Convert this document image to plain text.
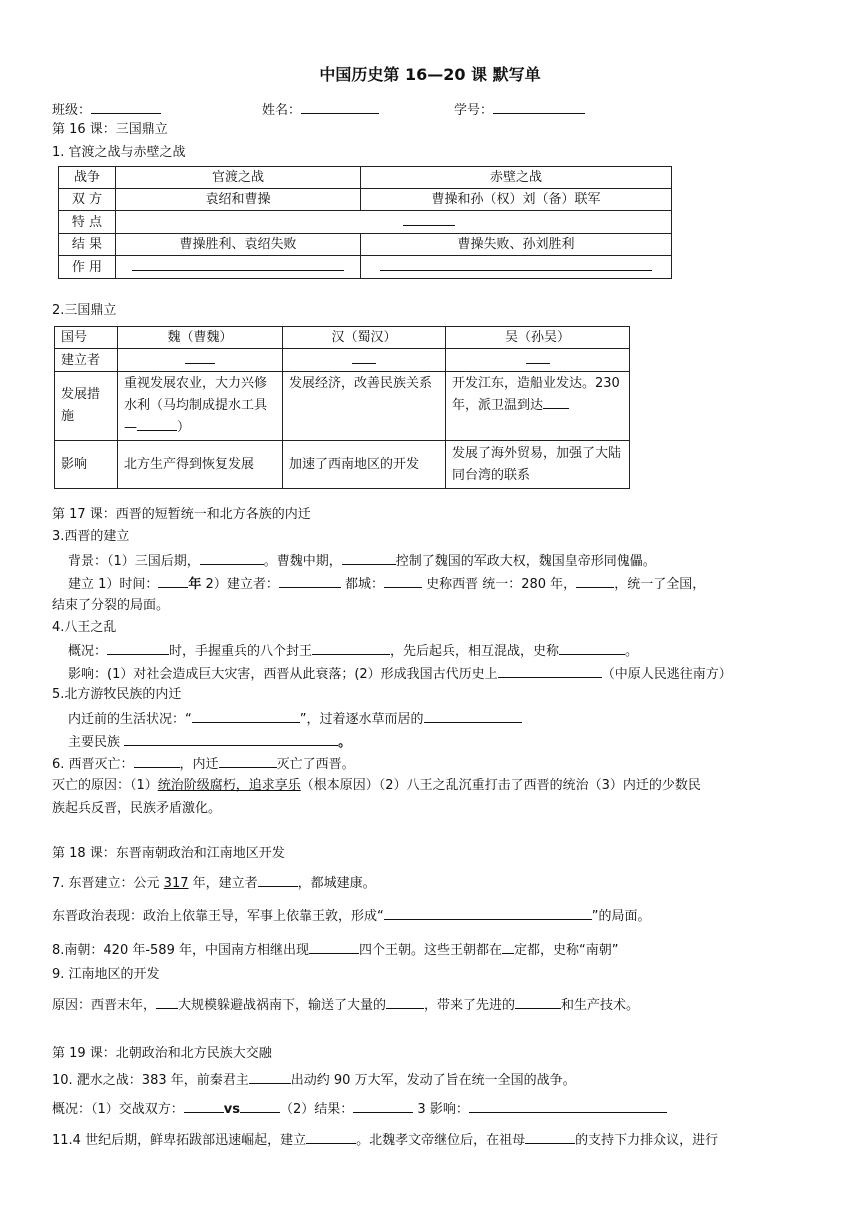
中国历史第 16—20 课 默写单
班级：	姓名：	学号：
第 16 课：三国鼎立
1. 官渡之战与赤壁之战
战争	官渡之战	赤壁之战
双 方	袁绍和曹操	曹操和孙（权）刘（备）联军
特 点		
结 果	曹操胜利、袁绍失败	曹操失败、孙刘胜利
作 用		
2.三国鼎立
国号	魏（曹魏）	汉（蜀汉）	吴（孙吴）
建立者			
发展措施	重视发展农业，大力兴修水利（马均制成提水工具— ）	发展经济，改善民族关系	开发江东，造船业发达。230 年，派卫温到达
影响	北方生产得到恢复发展	加速了西南地区的开发	发展了海外贸易，加强了大陆同台湾的联系
第 17 课：西晋的短暂统一和北方各族的内迁
3.西晋的建立
背景：（1）三国后期，	。曹魏中期，	控制了魏国的军政大权，魏国皇帝形同傀儡。
建立 1）时间： 年 2）建立者：	都城：	史称西晋 统一：280 年，	，统一了全国，
结束了分裂的局面。
4.八王之乱
概况：	时，手握重兵的八个封王	，先后起兵，相互混战，史称	。
影响：(1）对社会造成巨大灾害，西晋从此衰落；(2）形成我国古代历史上	（中原人民逃往南方）
5.北方游牧民族的内迁
内迁前的生活状况：“	”，过着逐水草而居的
主要民族	。
6. 西晋灭亡：	，内迁	灭亡了西晋。
灭亡的原因：（1）统治阶级腐朽，追求享乐（根本原因）（2）八王之乱沉重打击了西晋的统治（3）内迁的少数民
族起兵反晋，民族矛盾激化。
第 18 课：东晋南朝政治和江南地区开发
7. 东晋建立：公元 317 年，建立者	，都城建康。
东晋政治表现：政治上依靠王导，军事上依靠王敦，形成“	”的局面。
8.南朝：420 年-589 年，中国南方相继出现	四个王朝。这些王朝都在 定都，史称“南朝”
9. 江南地区的开发
原因：西晋末年， 大规模躲避战祸南下，输送了大量的	，带来了先进的	和生产技术。
第 19 课：北朝政治和北方民族大交融
10. 淝水之战：383 年，前秦君主	出动约 90 万大军，发动了旨在统一全国的战争。
概况：（1）交战双方：	vs	（2）结果：	3 影响：
11.4 世纪后期，鲜卑拓跋部迅速崛起，建立	。北魏孝文帝继位后，在祖母	的支持下力排众议，进行
